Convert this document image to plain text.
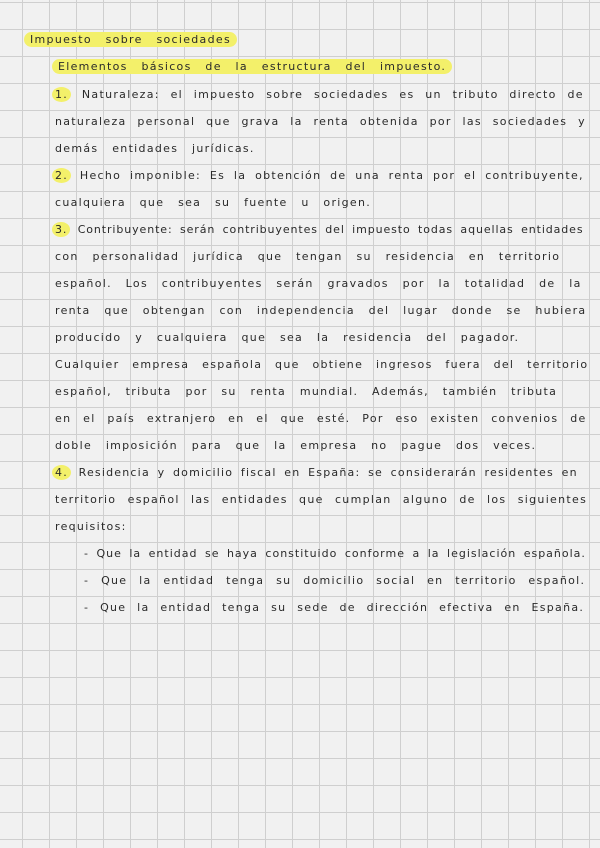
Impuesto sobre sociedades
Elementos básicos de la estructura del impuesto.
1. Naturaleza: el impuesto sobre sociedades es un tributo directo de
naturaleza personal que grava la renta obtenida por las sociedades y
demás entidades jurídicas.
2. Hecho imponible: Es la obtención de una renta por el contribuyente,
cualquiera que sea su fuente u origen.
3. Contribuyente: serán contribuyentes del impuesto todas aquellas entidades
con personalidad jurídica que tengan su residencia en territorio
español. Los contribuyentes serán gravados por la totalidad de la
renta que obtengan con independencia del lugar donde se hubiera
producido y cualquiera que sea la residencia del pagador.
Cualquier empresa española que obtiene ingresos fuera del territorio
español, tributa por su renta mundial. Además, también tributa
en el país extranjero en el que esté. Por eso existen convenios de
doble imposición para que la empresa no pague dos veces.
4. Residencia y domicilio fiscal en España: se considerarán residentes en
territorio español las entidades que cumplan alguno de los siguientes
requisitos:
- Que la entidad se haya constituido conforme a la legislación española.
- Que la entidad tenga su domicilio social en territorio español.
- Que la entidad tenga su sede de dirección efectiva en España.
